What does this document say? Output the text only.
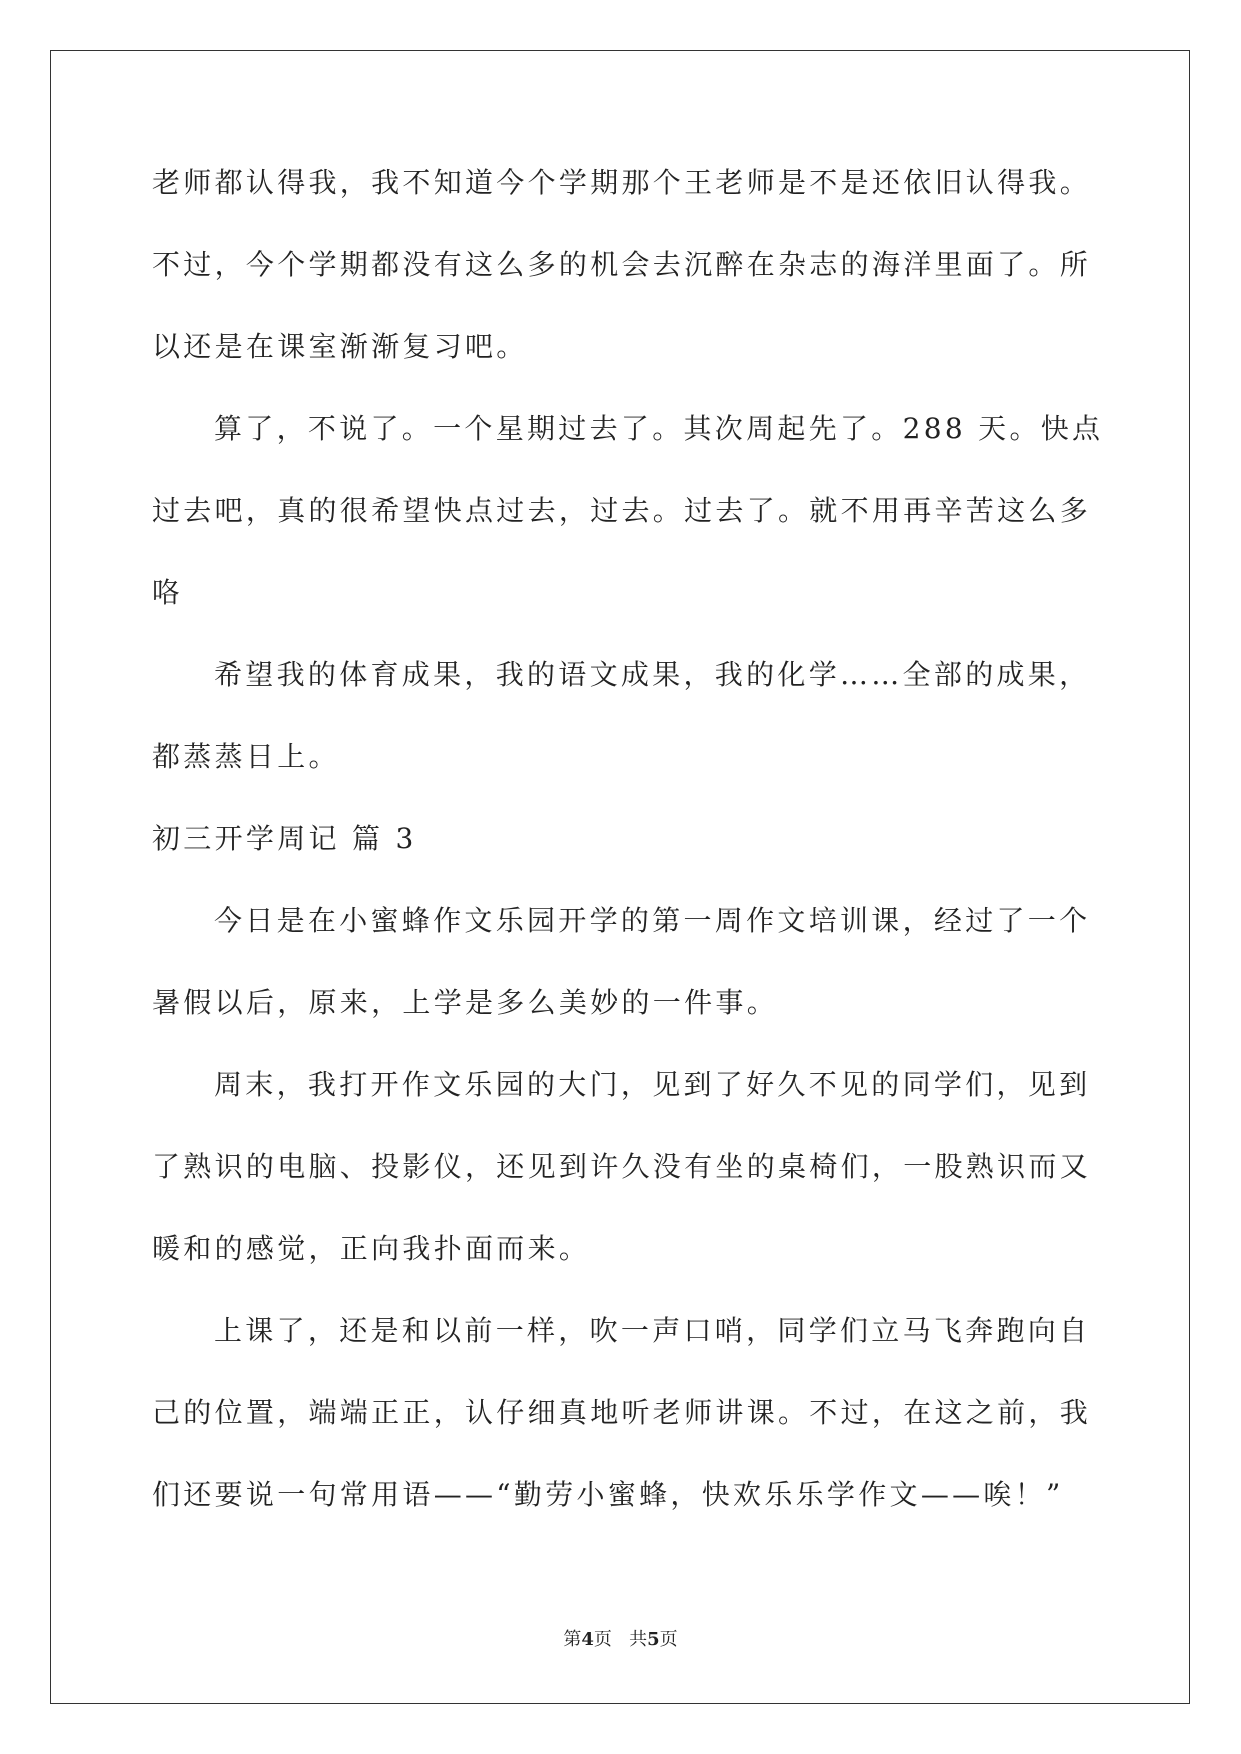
老师都认得我，我不知道今个学期那个王老师是不是还依旧认得我。
不过，今个学期都没有这么多的机会去沉醉在杂志的海洋里面了。所
以还是在课室渐渐复习吧。
算了，不说了。一个星期过去了。其次周起先了。288 天。快点
过去吧，真的很希望快点过去，过去。过去了。就不用再辛苦这么多
咯
希望我的体育成果，我的语文成果，我的化学……全部的成果，
都蒸蒸日上。
初三开学周记 篇 3
今日是在小蜜蜂作文乐园开学的第一周作文培训课，经过了一个
暑假以后，原来，上学是多么美妙的一件事。
周末，我打开作文乐园的大门，见到了好久不见的同学们，见到
了熟识的电脑、投影仪，还见到许久没有坐的桌椅们，一股熟识而又
暖和的感觉，正向我扑面而来。
上课了，还是和以前一样，吹一声口哨，同学们立马飞奔跑向自
己的位置，端端正正，认仔细真地听老师讲课。不过，在这之前，我
们还要说一句常用语——“勤劳小蜜蜂，快欢乐乐学作文——唉！”
第4页   共5页
